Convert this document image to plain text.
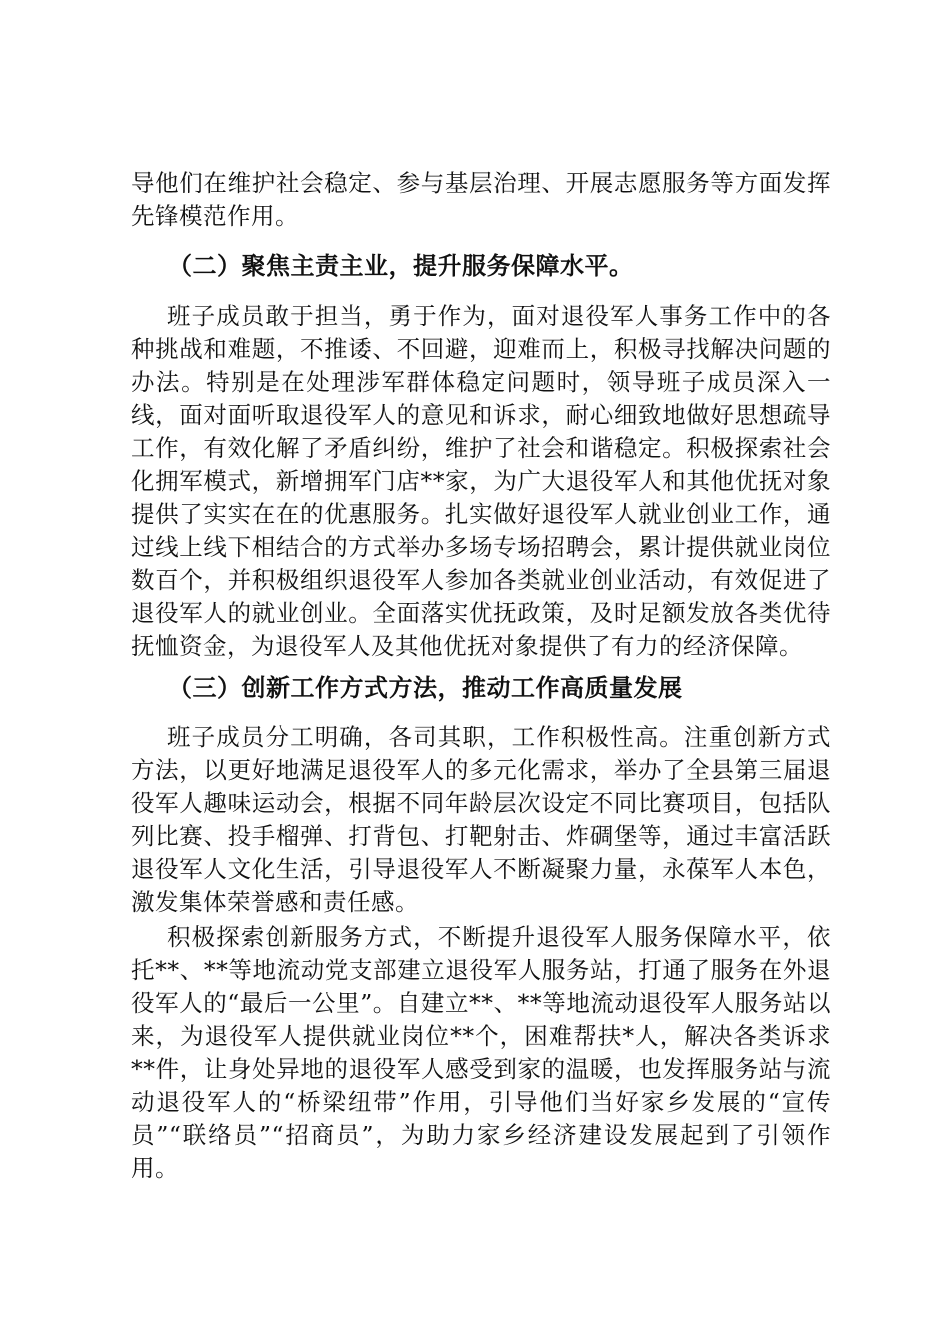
导他们在维护社会稳定、参与基层治理、开展志愿服务等方面发挥先锋模范作用。

（二）聚焦主责主业，提升服务保障水平。

班子成员敢于担当，勇于作为，面对退役军人事务工作中的各种挑战和难题，不推诿、不回避，迎难而上，积极寻找解决问题的办法。特别是在处理涉军群体稳定问题时，领导班子成员深入一线，面对面听取退役军人的意见和诉求，耐心细致地做好思想疏导工作，有效化解了矛盾纠纷，维护了社会和谐稳定。积极探索社会化拥军模式，新增拥军门店**家，为广大退役军人和其他优抚对象提供了实实在在的优惠服务。扎实做好退役军人就业创业工作，通过线上线下相结合的方式举办多场专场招聘会，累计提供就业岗位数百个，并积极组织退役军人参加各类就业创业活动，有效促进了退役军人的就业创业。全面落实优抚政策，及时足额发放各类优待抚恤资金，为退役军人及其他优抚对象提供了有力的经济保障。

（三）创新工作方式方法，推动工作高质量发展

班子成员分工明确，各司其职，工作积极性高。注重创新方式方法，以更好地满足退役军人的多元化需求，举办了全县第三届退役军人趣味运动会，根据不同年龄层次设定不同比赛项目，包括队列比赛、投手榴弹、打背包、打靶射击、炸碉堡等，通过丰富活跃退役军人文化生活，引导退役军人不断凝聚力量，永葆军人本色，激发集体荣誉感和责任感。

积极探索创新服务方式，不断提升退役军人服务保障水平，依托**、**等地流动党支部建立退役军人服务站，打通了服务在外退役军人的“最后一公里”。自建立**、**等地流动退役军人服务站以来，为退役军人提供就业岗位**个，困难帮扶*人，解决各类诉求**件，让身处异地的退役军人感受到家的温暖，也发挥服务站与流动退役军人的“桥梁纽带”作用，引导他们当好家乡发展的“宣传员”“联络员”“招商员”，为助力家乡经济建设发展起到了引领作用。
